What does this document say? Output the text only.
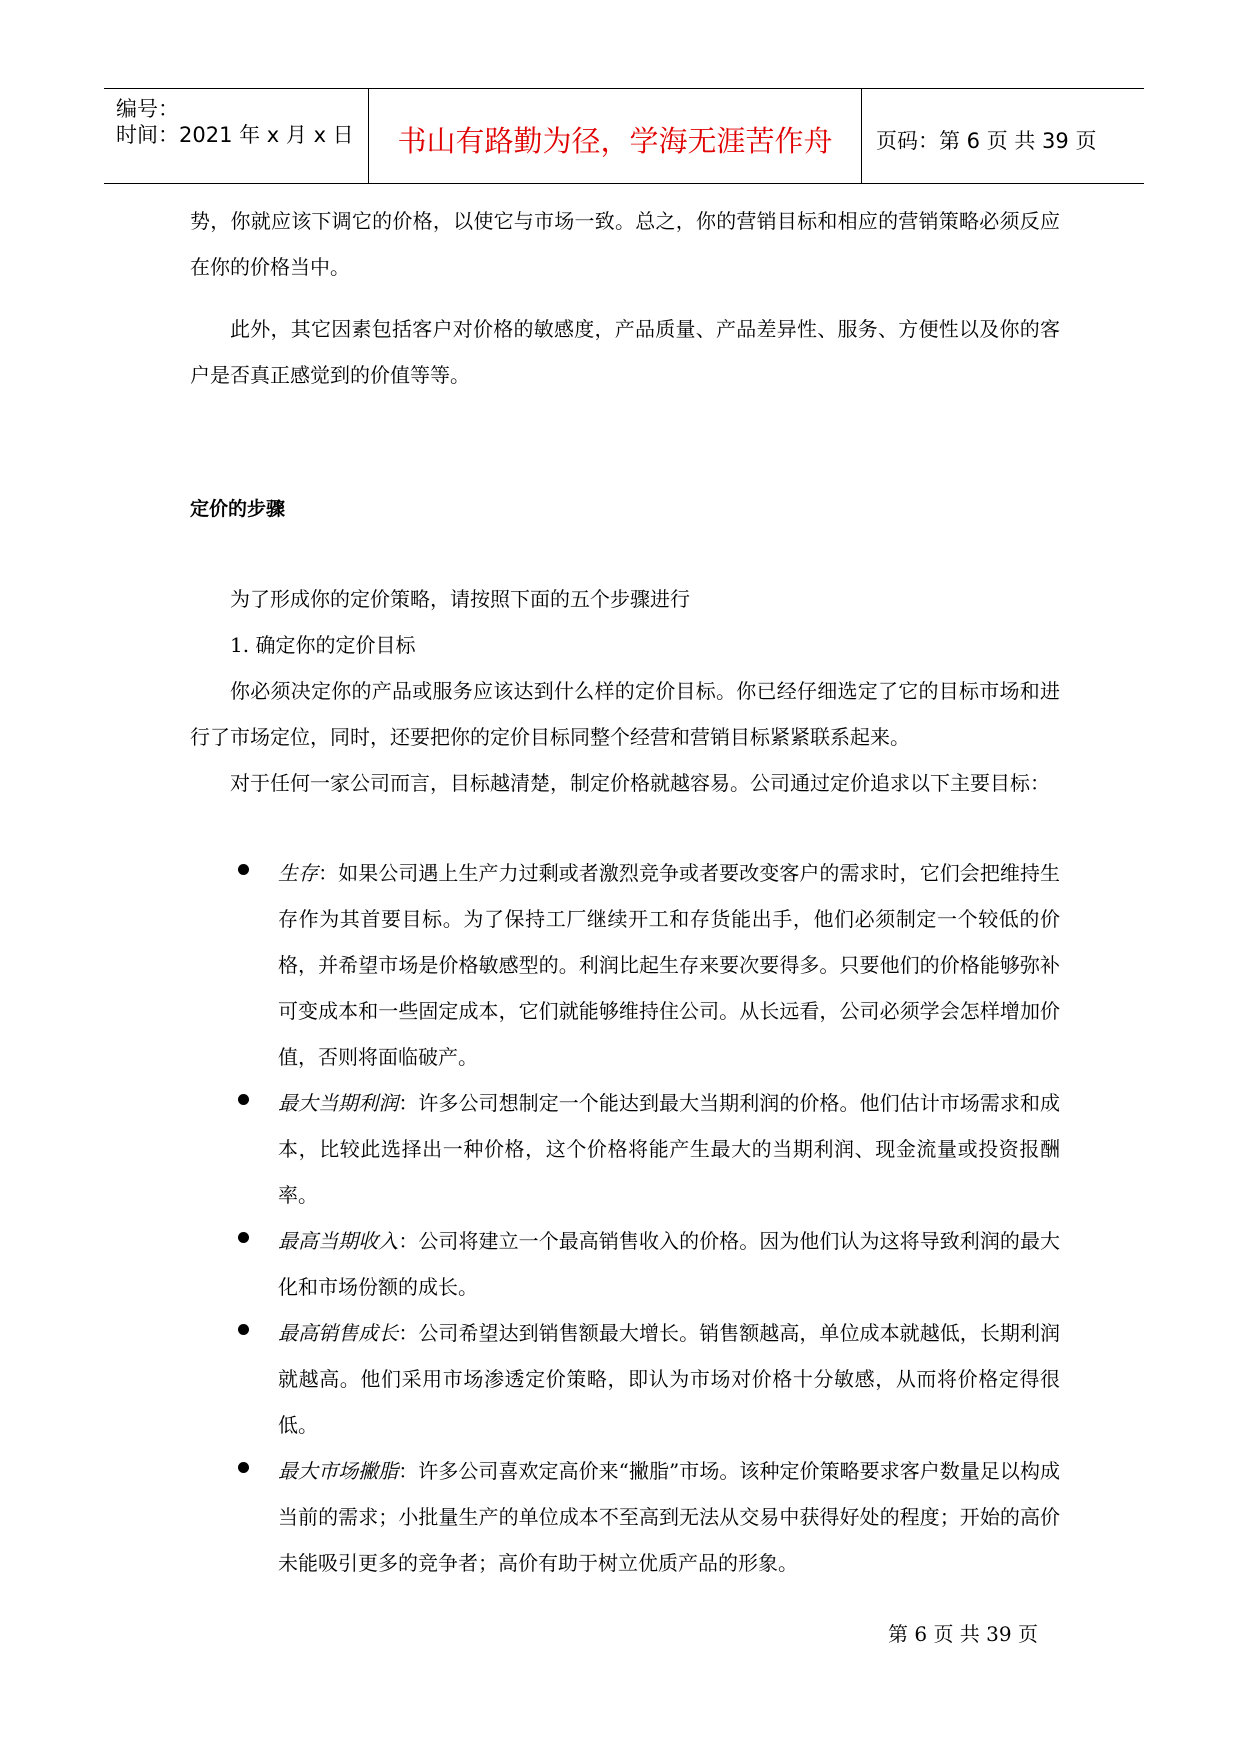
编号：
时间：2021 年 x 月 x 日	书山有路勤为径，学海无涯苦作舟	页码：第 6 页 共 39 页

势，你就应该下调它的价格，以使它与市场一致。总之，你的营销目标和相应的营销策略必须反应在你的价格当中。

此外，其它因素包括客户对价格的敏感度，产品质量、产品差异性、服务、方便性以及你的客户是否真正感觉到的价值等等。

定价的步骤

为了形成你的定价策略，请按照下面的五个步骤进行

1. 确定你的定价目标

你必须决定你的产品或服务应该达到什么样的定价目标。你已经仔细选定了它的目标市场和进行了市场定位，同时，还要把你的定价目标同整个经营和营销目标紧紧联系起来。

对于任何一家公司而言，目标越清楚，制定价格就越容易。公司通过定价追求以下主要目标：

生存：如果公司遇上生产力过剩或者激烈竞争或者要改变客户的需求时，它们会把维持生存作为其首要目标。为了保持工厂继续开工和存货能出手，他们必须制定一个较低的价格，并希望市场是价格敏感型的。利润比起生存来要次要得多。只要他们的价格能够弥补可变成本和一些固定成本，它们就能够维持住公司。从长远看，公司必须学会怎样增加价值，否则将面临破产。

最大当期利润：许多公司想制定一个能达到最大当期利润的价格。他们估计市场需求和成本，比较此选择出一种价格，这个价格将能产生最大的当期利润、现金流量或投资报酬率。

最高当期收入：公司将建立一个最高销售收入的价格。因为他们认为这将导致利润的最大化和市场份额的成长。

最高销售成长：公司希望达到销售额最大增长。销售额越高，单位成本就越低，长期利润就越高。他们采用市场渗透定价策略，即认为市场对价格十分敏感，从而将价格定得很低。

最大市场撇脂：许多公司喜欢定高价来“撇脂”市场。该种定价策略要求客户数量足以构成当前的需求；小批量生产的单位成本不至高到无法从交易中获得好处的程度；开始的高价未能吸引更多的竞争者；高价有助于树立优质产品的形象。

第 6 页 共 39 页
